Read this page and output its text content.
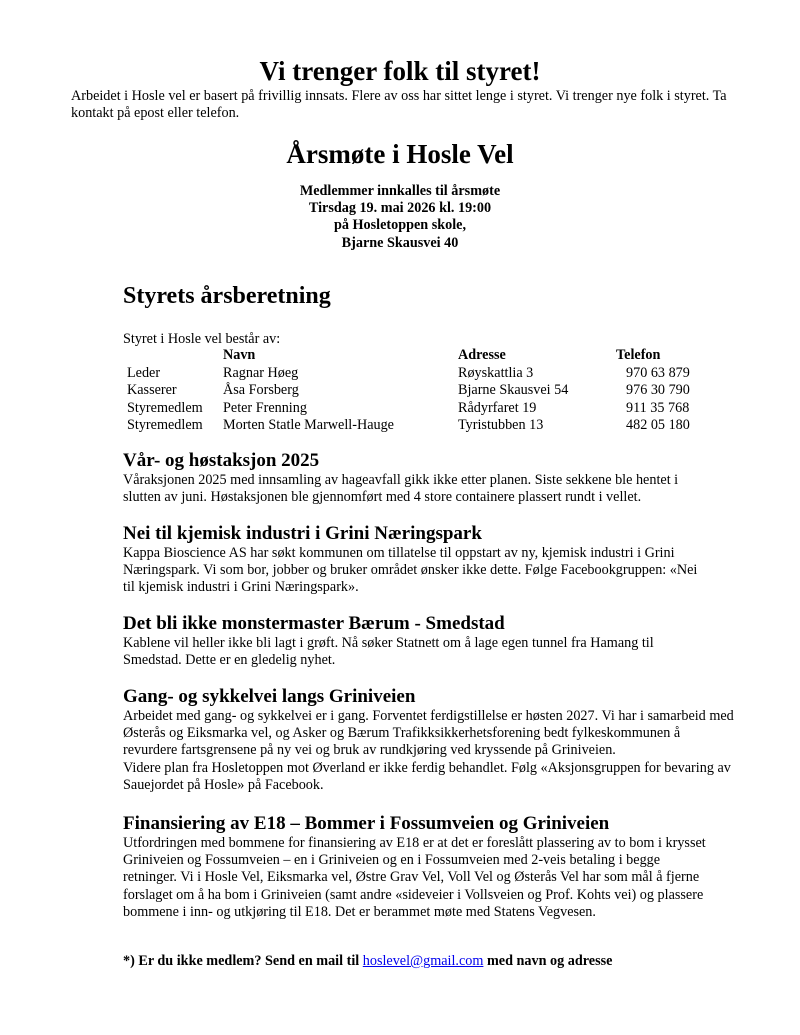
Vi trenger folk til styret!
Arbeidet i Hosle vel er basert på frivillig innsats. Flere av oss har sittet lenge i styret. Vi trenger nye folk i styret. Ta kontakt på epost eller telefon.
Årsmøte i Hosle Vel
Medlemmer innkalles til årsmøte
Tirsdag 19. mai 2026 kl. 19:00
på Hosletoppen skole,
Bjarne Skausvei 40
Styrets årsberetning
Styret i Hosle vel består av:
	Navn	Adresse	Telefon
Leder	Ragnar Høeg	Røyskattlia 3	970 63 879
Kasserer	Åsa Forsberg	Bjarne Skausvei 54	976 30 790
Styremedlem	Peter Frenning	Rådyrfaret 19	911 35 768
Styremedlem	Morten Statle Marwell-Hauge	Tyristubben 13	482 05 180
Vår- og høstaksjon 2025

Våraksjonen 2025 med innsamling av hageavfall gikk ikke etter planen. Siste sekkene ble hentet i slutten av juni. Høstaksjonen ble gjennomført med 4 store containere plassert rundt i vellet.

Nei til kjemisk industri i Grini Næringspark

Kappa Bioscience AS har søkt kommunen om tillatelse til oppstart av ny, kjemisk industri i Grini Næringspark. Vi som bor, jobber og bruker området ønsker ikke dette. Følge Facebookgruppen: «Nei til kjemisk industri i Grini Næringspark».

Det bli ikke monstermaster Bærum - Smedstad

Kablene vil heller ikke bli lagt i grøft. Nå søker Statnett om å lage egen tunnel fra Hamang til Smedstad. Dette er en gledelig nyhet.

Gang- og sykkelvei langs Griniveien

Arbeidet med gang- og sykkelvei er i gang. Forventet ferdigstillelse er høsten 2027. Vi har i samarbeid med Østerås og Eiksmarka vel, og Asker og Bærum Trafikksikkerhetsforening bedt fylkeskommunen å revurdere fartsgrensene på ny vei og bruk av rundkjøring ved kryssende på Griniveien.

Videre plan fra Hosletoppen mot Øverland er ikke ferdig behandlet. Følg «Aksjonsgruppen for bevaring av Sauejordet på Hosle» på Facebook.

Finansiering av E18 – Bommer i Fossumveien og Griniveien

Utfordringen med bommene for finansiering av E18 er at det er foreslått plassering av to bom i krysset Griniveien og Fossumveien – en i Griniveien og en i Fossumveien med 2-veis betaling i begge retninger. Vi i Hosle Vel, Eiksmarka vel, Østre Grav Vel, Voll Vel og Østerås Vel har som mål å fjerne forslaget om å ha bom i Griniveien (samt andre «sideveier i Vollsveien og Prof. Kohts vei) og plassere bommene i inn- og utkjøring til E18. Det er berammet møte med Statens Vegvesen.

*) Er du ikke medlem? Send en mail til hoslevel@gmail.com med navn og adresse
